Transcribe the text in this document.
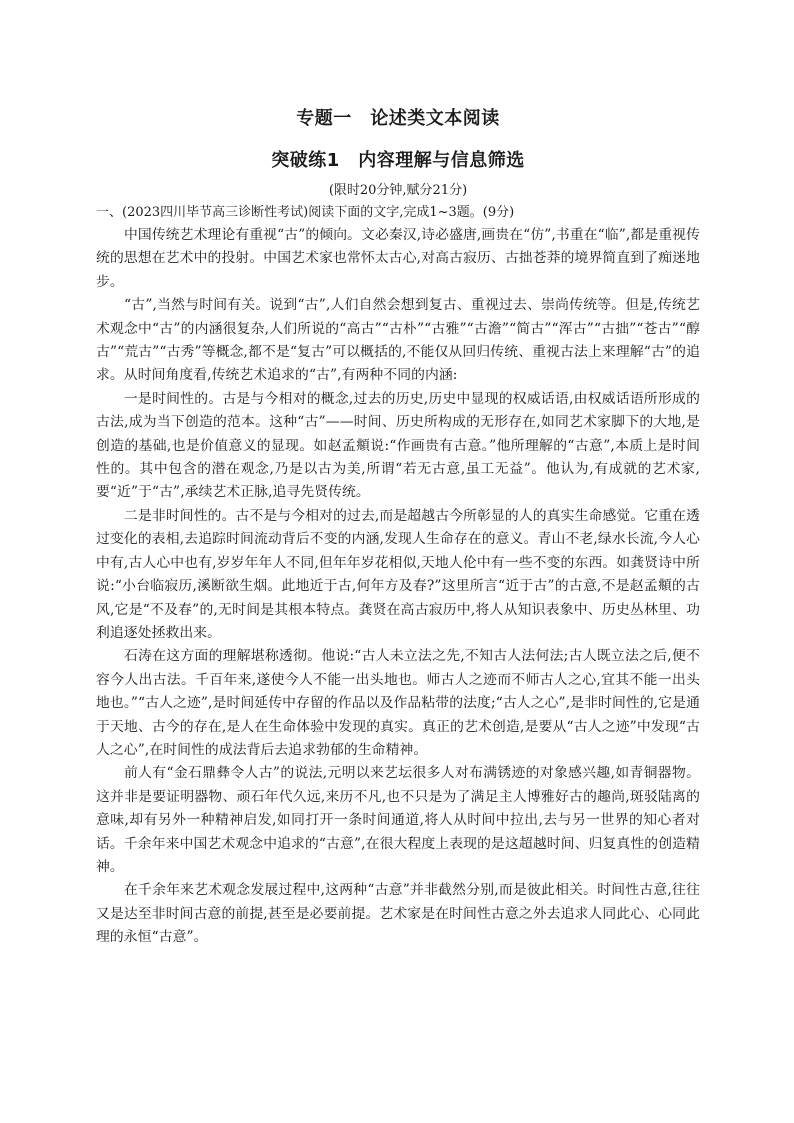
专题一　论述类文本阅读
突破练1　内容理解与信息筛选

(限时20分钟,赋分21分)

一、(2023四川毕节高三诊断性考试)阅读下面的文字,完成1~3题。(9分)

中国传统艺术理论有重视“古”的倾向。文必秦汉,诗必盛唐,画贵在“仿”,书重在“临”,都是重视传统的思想在艺术中的投射。中国艺术家也常怀太古心,对高古寂历、古拙苍莽的境界简直到了痴迷地步。

“古”,当然与时间有关。说到“古”,人们自然会想到复古、重视过去、崇尚传统等。但是,传统艺术观念中“古”的内涵很复杂,人们所说的“高古”“古朴”“古雅”“古澹”“简古”“浑古”“古拙”“苍古”“醇古”“荒古”“古秀”等概念,都不是“复古”可以概括的,不能仅从回归传统、重视古法上来理解“古”的追求。从时间角度看,传统艺术追求的“古”,有两种不同的内涵:

一是时间性的。古是与今相对的概念,过去的历史,历史中显现的权威话语,由权威话语所形成的古法,成为当下创造的范本。这种“古”——时间、历史所构成的无形存在,如同艺术家脚下的大地,是创造的基础,也是价值意义的显现。如赵孟頫说:“作画贵有古意。”他所理解的“古意”,本质上是时间性的。其中包含的潜在观念,乃是以古为美,所谓“若无古意,虽工无益”。他认为,有成就的艺术家,要“近”于“古”,承续艺术正脉,追寻先贤传统。

二是非时间性的。古不是与今相对的过去,而是超越古今所彰显的人的真实生命感觉。它重在透过变化的表相,去追踪时间流动背后不变的内涵,发现人生命存在的意义。青山不老,绿水长流,今人心中有,古人心中也有,岁岁年年人不同,但年年岁花相似,天地人伦中有一些不变的东西。如龚贤诗中所说:“小台临寂历,溪断欲生烟。此地近于古,何年方及春?”这里所言“近于古”的古意,不是赵孟頫的古风,它是“不及春”的,无时间是其根本特点。龚贤在高古寂历中,将人从知识表象中、历史丛林里、功利追逐处拯救出来。

石涛在这方面的理解堪称透彻。他说:“古人未立法之先,不知古人法何法;古人既立法之后,便不容今人出古法。千百年来,遂使今人不能一出头地也。师古人之迹而不师古人之心,宜其不能一出头地也。”“古人之迹”,是时间延传中存留的作品以及作品粘带的法度;“古人之心”,是非时间性的,它是通于天地、古今的存在,是人在生命体验中发现的真实。真正的艺术创造,是要从“古人之迹”中发现“古人之心”,在时间性的成法背后去追求勃郁的生命精神。

前人有“金石鼎彝令人古”的说法,元明以来艺坛很多人对布满锈迹的对象感兴趣,如青铜器物。这并非是要证明器物、顽石年代久远,来历不凡,也不只是为了满足主人博雅好古的趣尚,斑驳陆离的意味,却有另外一种精神启发,如同打开一条时间通道,将人从时间中拉出,去与另一世界的知心者对话。千余年来中国艺术观念中追求的“古意”,在很大程度上表现的是这超越时间、归复真性的创造精神。

在千余年来艺术观念发展过程中,这两种“古意”并非截然分别,而是彼此相关。时间性古意,往往又是达至非时间古意的前提,甚至是必要前提。艺术家是在时间性古意之外去追求人同此心、心同此理的永恒“古意”。
